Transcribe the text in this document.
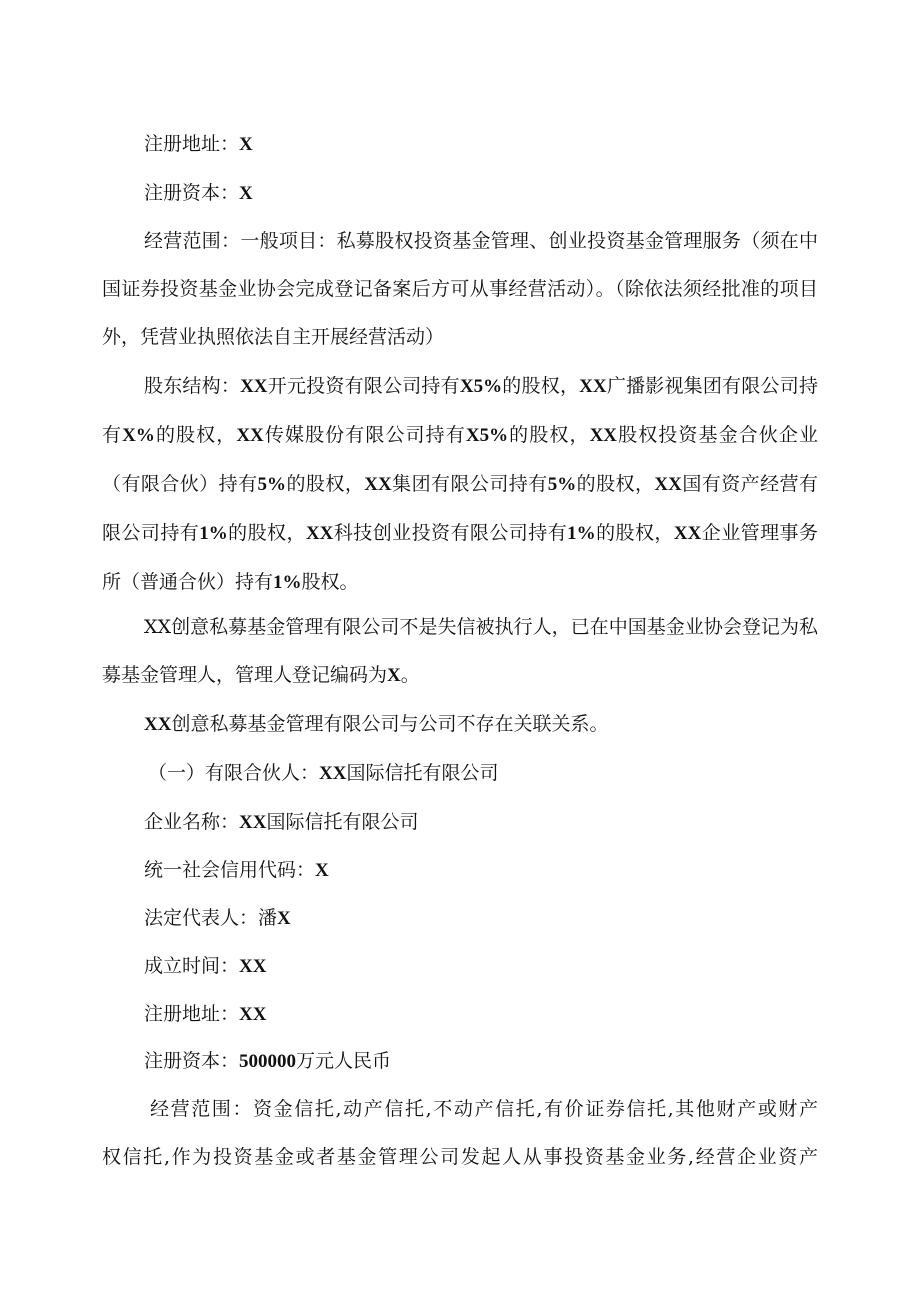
注册地址：X
注册资本：X
经营范围：一般项目：私募股权投资基金管理、创业投资基金管理服务（须在中国证券投资基金业协会完成登记备案后方可从事经营活动）。（除依法须经批准的项目外，凭营业执照依法自主开展经营活动）
股东结构：XX开元投资有限公司持有X5%的股权，XX广播影视集团有限公司持有X%的股权，XX传媒股份有限公司持有X5%的股权，XX股权投资基金合伙企业（有限合伙）持有5%的股权，XX集团有限公司持有5%的股权，XX国有资产经营有限公司持有1%的股权，XX科技创业投资有限公司持有1%的股权，XX企业管理事务所（普通合伙）持有1%股权。
XX创意私募基金管理有限公司不是失信被执行人，已在中国基金业协会登记为私募基金管理人，管理人登记编码为X。
XX创意私募基金管理有限公司与公司不存在关联关系。
（一）有限合伙人：XX国际信托有限公司
企业名称：XX国际信托有限公司
统一社会信用代码：X
法定代表人：潘X
成立时间：XX
注册地址：XX
注册资本：500000万元人民币
经营范围：资金信托,动产信托,不动产信托,有价证券信托,其他财产或财产
权信托,作为投资基金或者基金管理公司发起人从事投资基金业务,经营企业资产
